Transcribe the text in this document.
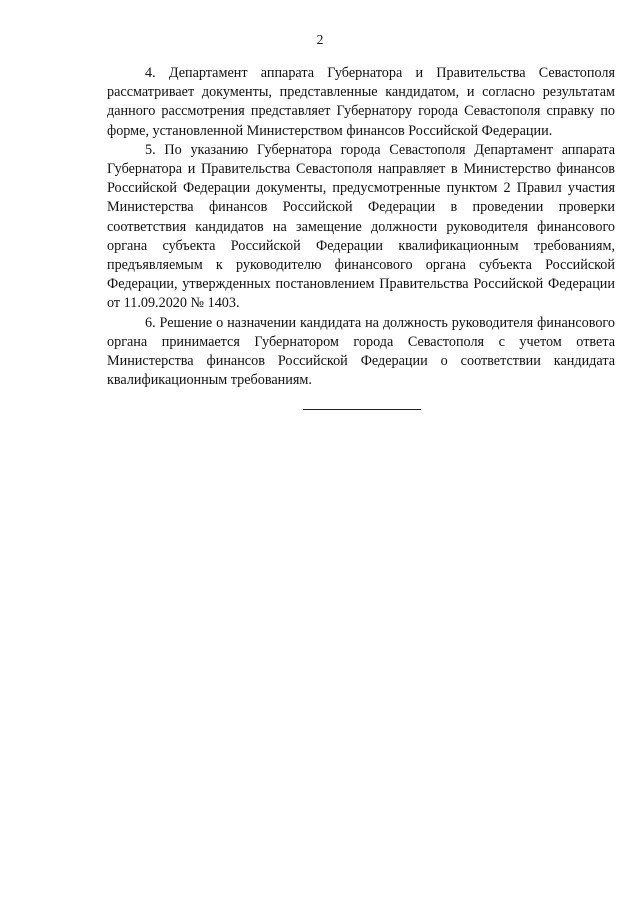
2

4. Департамент аппарата Губернатора и Правительства Севастополя рассматривает документы, представленные кандидатом, и согласно результатам данного рассмотрения представляет Губернатору города Севастополя справку по форме, установленной Министерством финансов Российской Федерации.

5. По указанию Губернатора города Севастополя Департамент аппарата Губернатора и Правительства Севастополя направляет в Министерство финансов Российской Федерации документы, предусмотренные пунктом 2 Правил участия Министерства финансов Российской Федерации в проведении проверки соответствия кандидатов на замещение должности руководителя финансового органа субъекта Российской Федерации квалификационным требованиям, предъявляемым к руководителю финансового органа субъекта Российской Федерации, утвержденных постановлением Правительства Российской Федерации от 11.09.2020 № 1403.

6. Решение о назначении кандидата на должность руководителя финансового органа принимается Губернатором города Севастополя с учетом ответа Министерства финансов Российской Федерации о соответствии кандидата квалификационным требованиям.
